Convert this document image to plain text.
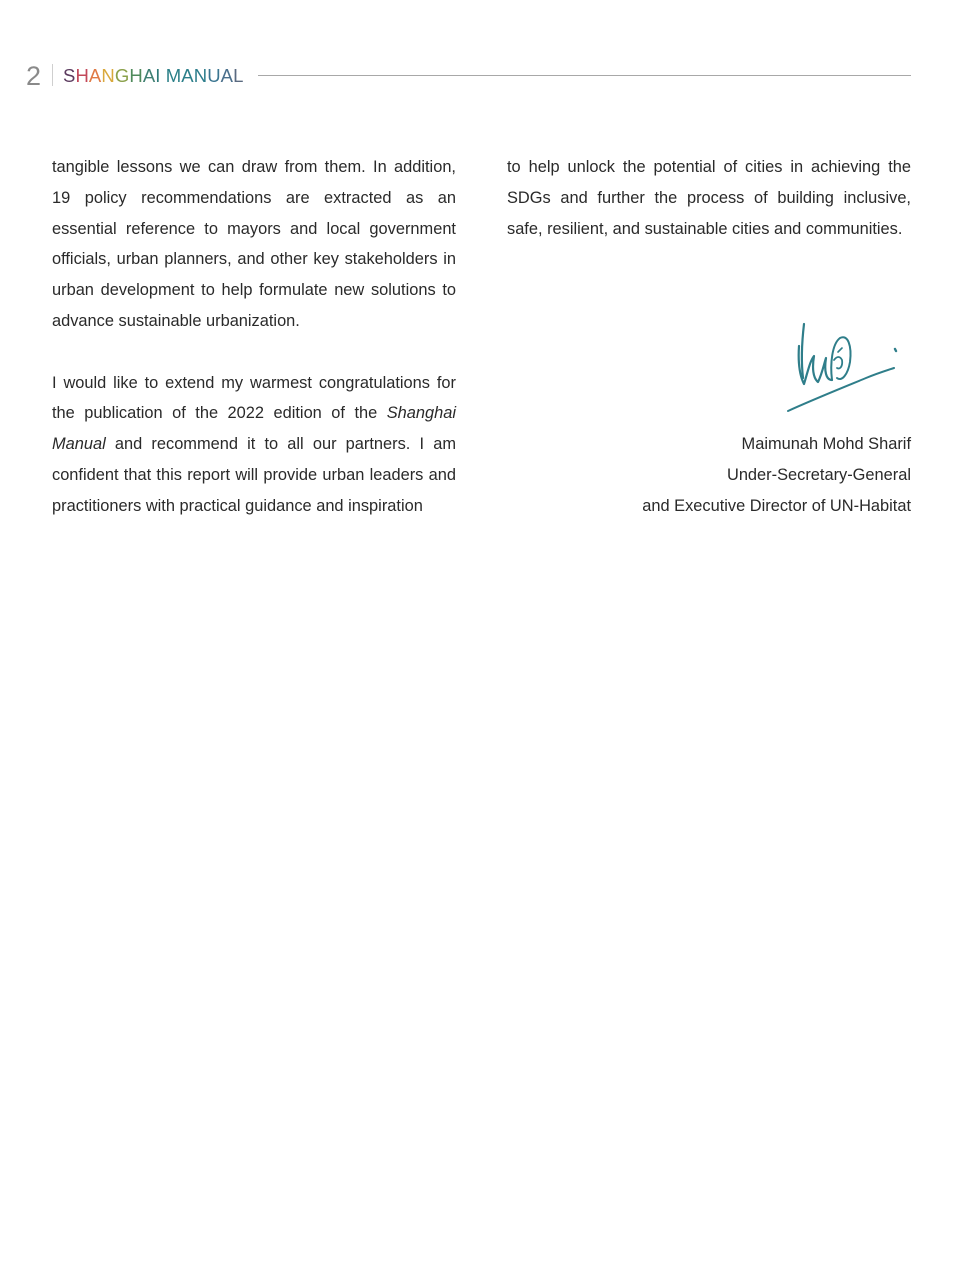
2 SHANGHAI MANUAL

tangible lessons we can draw from them. In addition, 19 policy recommendations are extracted as an essential reference to mayors and local government officials, urban planners, and other key stakeholders in urban development to help formulate new solutions to advance sustainable urbanization.

I would like to extend my warmest congratulations for the publication of the 2022 edition of the Shanghai Manual and recommend it to all our partners. I am confident that this report will provide urban leaders and practitioners with practical guidance and inspiration

to help unlock the potential of cities in achieving the SDGs and further the process of building inclusive, safe, resilient, and sustainable cities and communities.

Maimunah Mohd Sharif
Under-Secretary-General
and Executive Director of UN-Habitat
